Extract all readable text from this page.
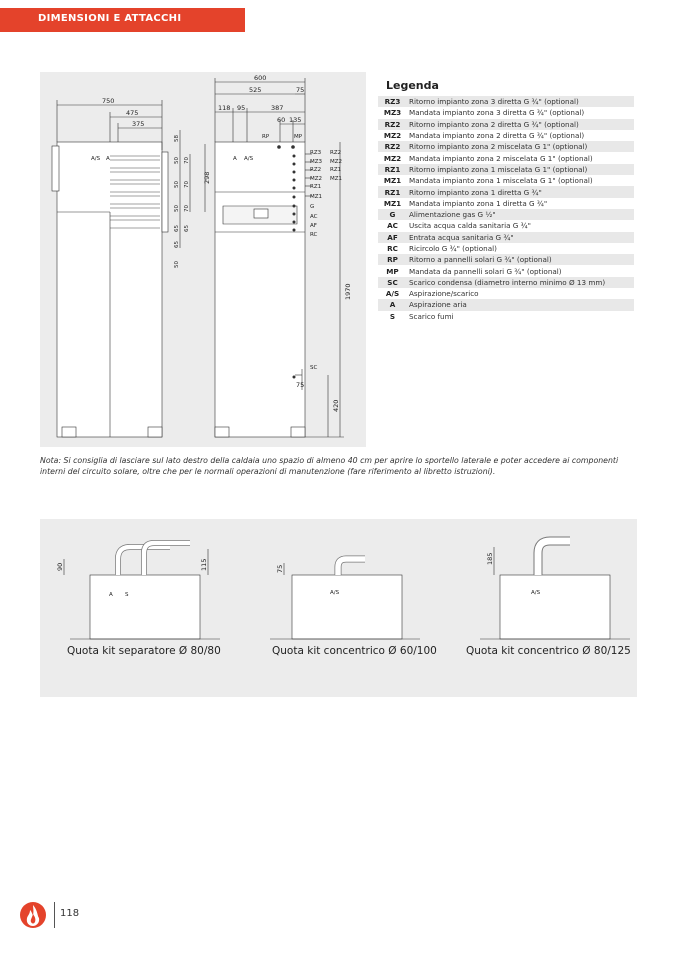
DIMENSIONI E ATTACCHI
750
475
375
A/S A
298
58
50 70
50 70
50 70
65 65
65
50
600
525	75
118 95	387
60 135
RP	MP
A A/S
RZ3
MZ3
RZ2
MZ2
RZ1
MZ1
G
AC
AF
RC
RZ2
MZ2
RZ1
MZ1
1970
SC
75
420
Legenda
RZ3	Ritorno impianto zona 3 diretta G ¾" (optional)
MZ3	Mandata impianto zona 3 diretta G ¾" (optional)
RZ2	Ritorno impianto zona 2 diretta G ¾" (optional)
MZ2	Mandata impianto zona 2 diretta G ¾" (optional)
RZ2	Ritorno impianto zona 2 miscelata G 1" (optional)
MZ2	Mandata impianto zona 2 miscelata G 1" (optional)
RZ1	Ritorno impianto zona 1 miscelata G 1" (optional)
MZ1	Mandata impianto zona 1 miscelata G 1" (optional)
RZ1	Ritorno impianto zona 1 diretta G ¾"
MZ1	Mandata impianto zona 1 diretta G ¾"
G	Alimentazione gas G ½"
AC	Uscita acqua calda sanitaria G ¾"
AF	Entrata acqua sanitaria G ¾"
RC	Ricircolo G ¾" (optional)
RP	Ritorno a pannelli solari G ¾" (optional)
MP	Mandata da pannelli solari G ¾" (optional)
SC	Scarico condensa (diametro interno minimo Ø 13 mm)
A/S	Aspirazione/scarico
A	Aspirazione aria
S	Scarico fumi
Nota: Si consiglia di lasciare sul lato destro della caldaia uno spazio di almeno 40 cm per aprire lo sportello laterale e poter accedere ai componenti interni del circuito solare, oltre che per le normali operazioni di manutenzione (fare riferimento al libretto istruzioni).
90	115
A S
75
A/S
185
A/S
Quota kit separatore Ø 80/80	Quota kit concentrico Ø 60/100	Quota kit concentrico Ø 80/125
118
